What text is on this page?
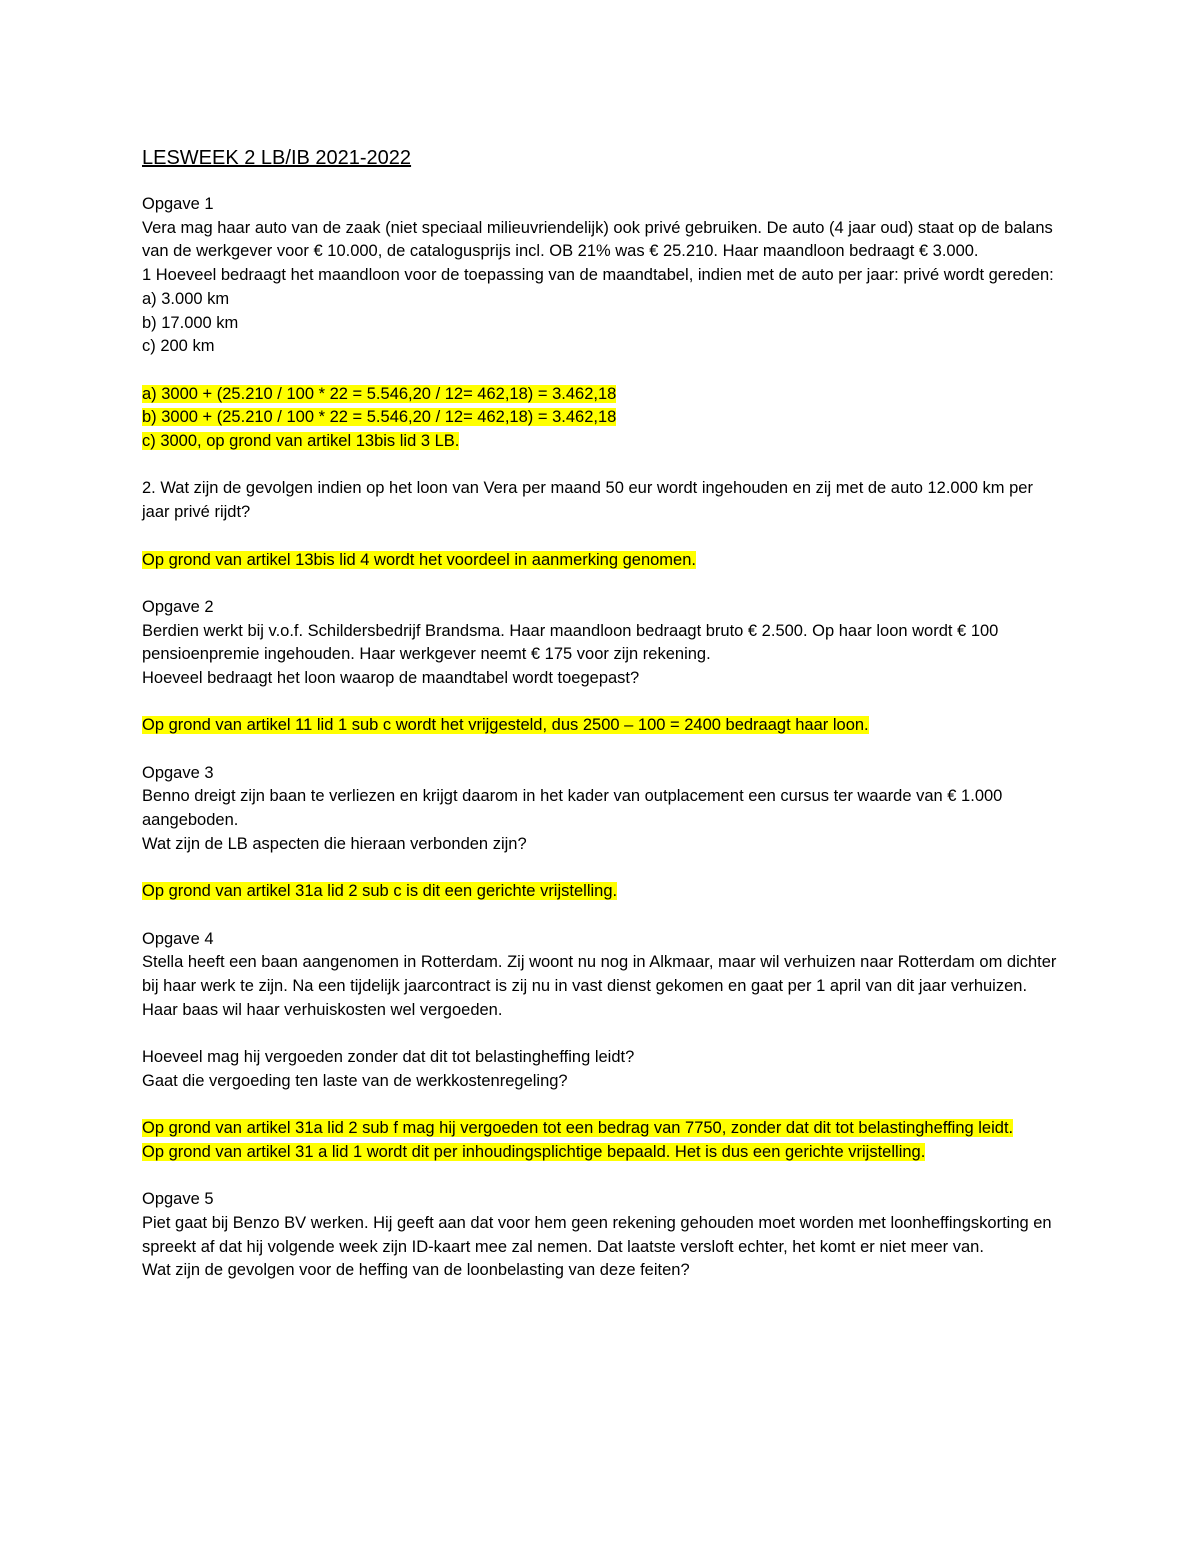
LESWEEK 2 LB/IB 2021-2022
Opgave 1
Vera mag haar auto van de zaak (niet speciaal milieuvriendelijk) ook privé gebruiken. De auto (4 jaar oud) staat op de balans van de werkgever voor € 10.000, de catalogusprijs incl. OB 21% was € 25.210. Haar maandloon bedraagt € 3.000.
1 Hoeveel bedraagt het maandloon voor de toepassing van de maandtabel, indien met de auto per jaar: privé wordt gereden:
a) 3.000 km
b) 17.000 km
c) 200 km
a) 3000 + (25.210 / 100 * 22 = 5.546,20 / 12= 462,18) = 3.462,18
b) 3000 + (25.210 / 100 * 22 = 5.546,20 / 12= 462,18) = 3.462,18
c) 3000, op grond van artikel 13bis lid 3 LB.
2. Wat zijn de gevolgen indien op het loon van Vera per maand 50 eur wordt ingehouden en zij met de auto 12.000 km per jaar privé rijdt?
Op grond van artikel 13bis lid 4 wordt het voordeel in aanmerking genomen.
Opgave 2
Berdien werkt bij v.o.f. Schildersbedrijf Brandsma. Haar maandloon bedraagt bruto € 2.500. Op haar loon wordt € 100 pensioenpremie ingehouden. Haar werkgever neemt € 175 voor zijn rekening.
Hoeveel bedraagt het loon waarop de maandtabel wordt toegepast?
Op grond van artikel 11 lid 1 sub c wordt het vrijgesteld, dus 2500 – 100 = 2400 bedraagt haar loon.
Opgave 3
Benno dreigt zijn baan te verliezen en krijgt daarom in het kader van outplacement een cursus ter waarde van € 1.000 aangeboden.
Wat zijn de LB aspecten die hieraan verbonden zijn?
Op grond van artikel 31a lid 2 sub c is dit een gerichte vrijstelling.
Opgave 4
Stella heeft een baan aangenomen in Rotterdam. Zij woont nu nog in Alkmaar, maar wil verhuizen naar Rotterdam om dichter bij haar werk te zijn. Na een tijdelijk jaarcontract is zij nu in vast dienst gekomen en gaat per 1 april van dit jaar verhuizen. Haar baas wil haar verhuiskosten wel vergoeden.
Hoeveel mag hij vergoeden zonder dat dit tot belastingheffing leidt?
Gaat die vergoeding ten laste van de werkkostenregeling?
Op grond van artikel 31a lid 2 sub f mag hij vergoeden tot een bedrag van 7750, zonder dat dit tot belastingheffing leidt.
Op grond van artikel 31 a lid 1 wordt dit per inhoudingsplichtige bepaald. Het is dus een gerichte vrijstelling.
Opgave 5
Piet gaat bij Benzo BV werken. Hij geeft aan dat voor hem geen rekening gehouden moet worden met loonheffingskorting en spreekt af dat hij volgende week zijn ID-kaart mee zal nemen. Dat laatste versloft echter, het komt er niet meer van.
Wat zijn de gevolgen voor de heffing van de loonbelasting van deze feiten?
